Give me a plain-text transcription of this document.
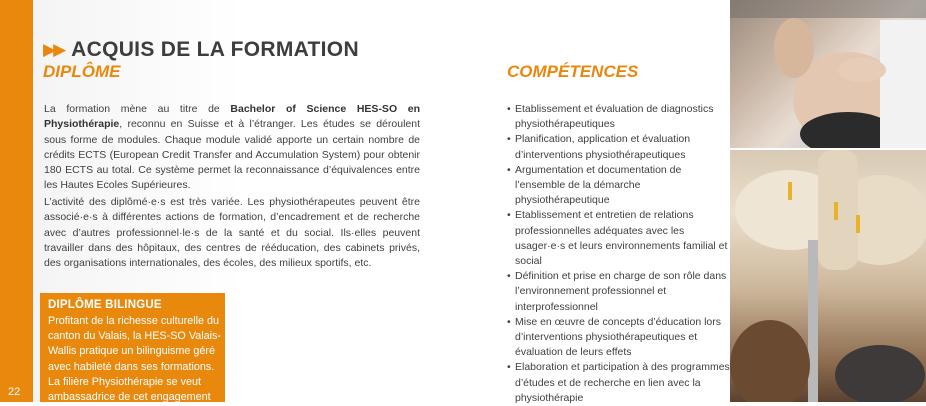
22
▶▶ ACQUIS DE LA FORMATION
DIPLÔME

La formation mène au titre de Bachelor of Science HES-SO en Physiothérapie, reconnu en Suisse et à l’étranger. Les études se déroulent sous forme de modules. Chaque module validé apporte un certain nombre de crédits ECTS (European Credit Transfer and Accumulation System) pour obtenir 180 ECTS au total. Ce système permet la reconnaissance d’équivalences entre les Hautes Ecoles Supérieures.

L’activité des diplômé·e·s est très variée. Les physiothérapeutes peuvent être associé·e·s à différentes actions de formation, d’encadrement et de recherche avec d’autres professionnel·le·s de la santé et du social. Ils·elles peuvent travailler dans des hôpitaux, des centres de rééducation, des cabinets privés, des organisations internationales, des écoles, des milieux sportifs, etc.

DIPLÔME BILINGUE

Profitant de la richesse culturelle du canton du Valais, la HES-SO Valais-Wallis pratique un bilinguisme géré avec habileté dans ses formations. La filière Physiothérapie se veut ambassadrice de cet engagement

COMPÉTENCES
• Etablissement et évaluation de diagnostics physiothérapeutiques
• Planification, application et évaluation d’interventions physiothérapeutiques
• Argumentation et documentation de l’ensemble de la démarche physiothérapeutique
• Etablissement et entretien de relations professionnelles adéquates avec les usager·e·s et leurs environnements familial et social
• Définition et prise en charge de son rôle dans l’environnement professionnel et interprofessionnel
• Mise en œuvre de concepts d’éducation lors d’interventions physiothérapeutiques et évaluation de leurs effets
• Elaboration et participation à des programmes d’études et de recherche en lien avec la physiothérapie
